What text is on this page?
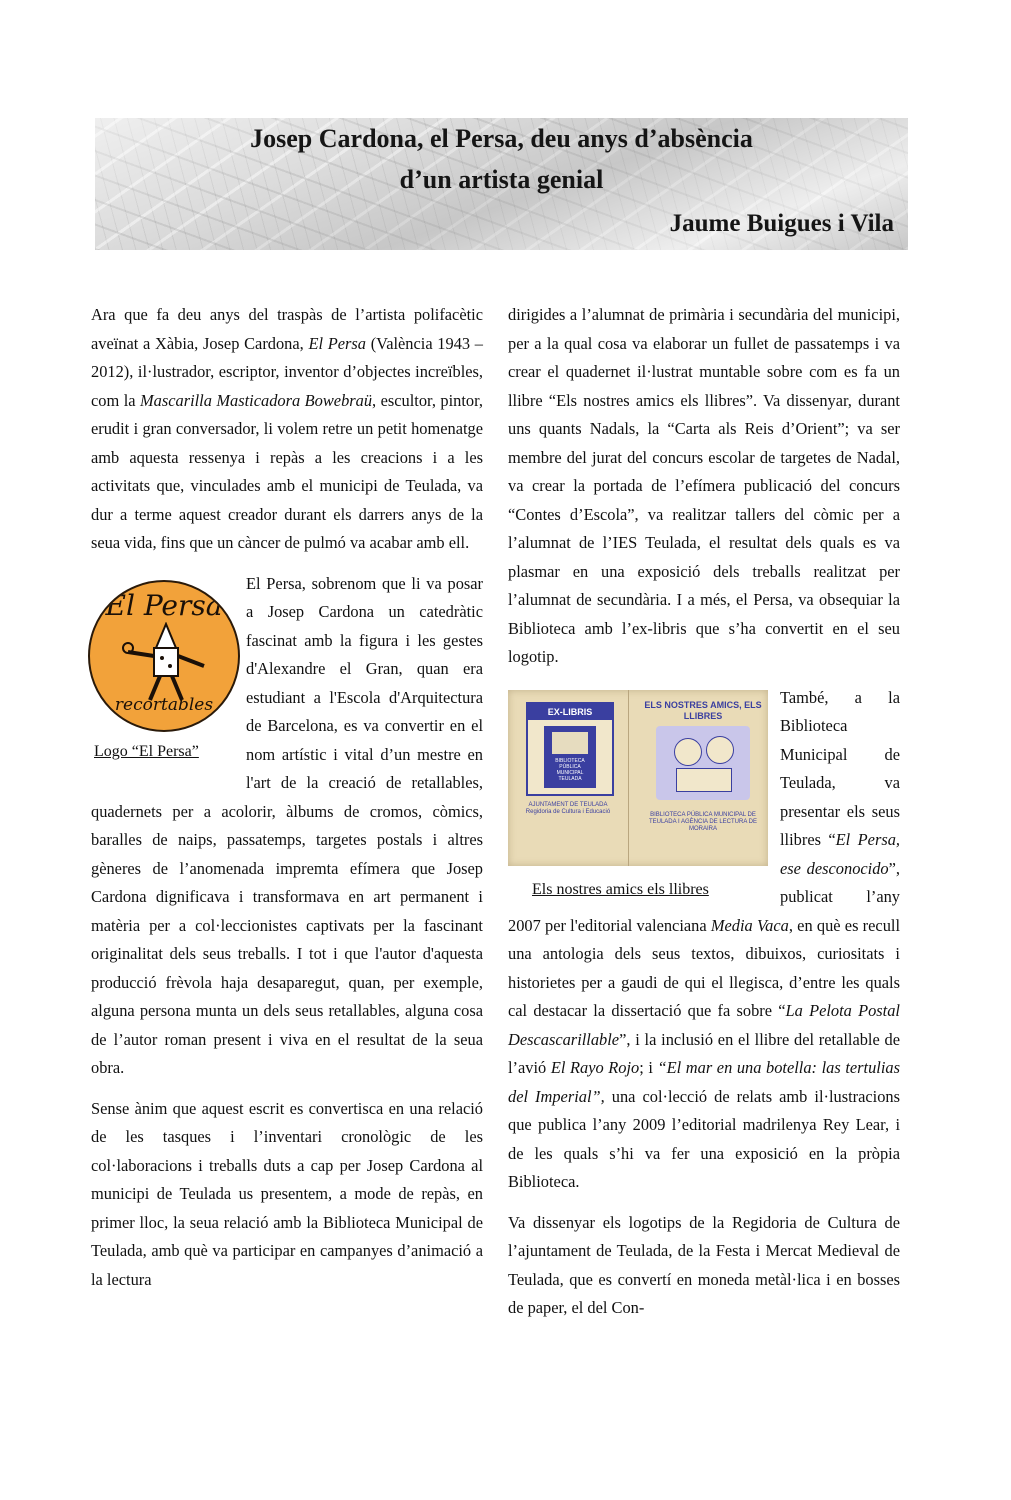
Josep Cardona, el Persa, deu anys d’absència
d’un artista genial
Jaume Buigues i Vila

Ara que fa deu anys del traspàs de l’artista polifacètic aveïnat a Xàbia, Josep Cardona, El Persa (València 1943 – 2012), il·lustrador, escriptor, inventor d’objectes increïbles, com la Mascarilla Masticadora Bowebraü, escultor, pintor, erudit i gran conversador, li volem retre un petit homenatge amb aquesta ressenya i repàs a les creacions i a les activitats que, vinculades amb el municipi de Teulada, va dur a terme aquest creador durant els darrers anys de la seua vida, fins que un càncer de pulmó va acabar amb ell.

El Persa
recortables
Logo “El Persa”
El Persa, sobrenom que li va posar a Josep Cardona un catedràtic fascinat amb la figura i les gestes d'Alexandre el Gran, quan era estudiant a l'Escola d'Arquitectura de Barcelona, es va convertir en el nom artístic i vital d’un mestre en l'art de la creació de retallables, quadernets per a acolorir, àlbums de cromos, còmics, baralles de naips, passatemps, targetes postals i altres gèneres de l’anomenada impremta efímera que Josep Cardona dignificava i transformava en art permanent i matèria per a col·leccionistes captivats per la fascinant originalitat dels seus treballs. I tot i que l'autor d'aquesta producció frèvola haja desaparegut, quan, per exemple, alguna persona munta un dels seus retallables, alguna cosa de l’autor roman present i viva en el resultat de la seua obra.

Sense ànim que aquest escrit es convertisca en una relació de les tasques i l’inventari cronològic de les col·laboracions i treballs duts a cap per Josep Cardona al municipi de Teulada us presentem, a mode de repàs, en primer lloc, la seua relació amb la Biblioteca Municipal de Teulada, amb què va participar en campanyes d’animació a la lectura

dirigides a l’alumnat de primària i secundària del municipi, per a la qual cosa va elaborar un fullet de passatemps i va crear el quadernet il·lustrat muntable sobre com es fa un llibre “Els nostres amics els llibres”. Va dissenyar, durant uns quants Nadals, la “Carta als Reis d’Orient”; va ser membre del jurat del concurs escolar de targetes de Nadal, va crear la portada de l’efímera publicació del concurs “Contes d’Escola”, va realitzar tallers del còmic per a l’alumnat de l’IES Teulada, el resultat dels quals es va plasmar en una exposició dels treballs realitzat per l’alumnat de secundària. I a més, el Persa, va obsequiar la Biblioteca amb l’ex-libris que s’ha convertit en el seu logotip.

EX-LIBRIS
BIBLIOTECA PÚBLICA MUNICIPAL TEULADA
AJUNTAMENT DE TEULADA Regidoria de Cultura i Educació
ELS NOSTRES AMICS, ELS LLIBRES
BIBLIOTECA PÚBLICA MUNICIPAL DE TEULADA I AGÈNCIA DE LECTURA DE MORAIRA
Els nostres amics els llibres
També, a la Biblioteca Municipal de Teulada, va presentar els seus llibres “El Persa, ese desconocido”, publicat l’any 2007 per l'editorial valenciana Media Vaca, en què es recull una antologia dels seus textos, dibuixos, curiositats i historietes per a gaudi de qui el llegisca, d’entre les quals cal destacar la dissertació que fa sobre “La Pelota Postal Descascarillable”, i la inclusió en el llibre del retallable de l’avió El Rayo Rojo; i “El mar en una botella: las tertulias del Imperial”, una col·lecció de relats amb il·lustracions que publica l’any 2009 l’editorial madrilenya Rey Lear, i de les quals s’hi va fer una exposició en la pròpia Biblioteca.

Va dissenyar els logotips de la Regidoria de Cultura de l’ajuntament de Teulada, de la Festa i Mercat Medieval de Teulada, que es convertí en moneda metàl·lica i en bosses de paper, el del Con-
